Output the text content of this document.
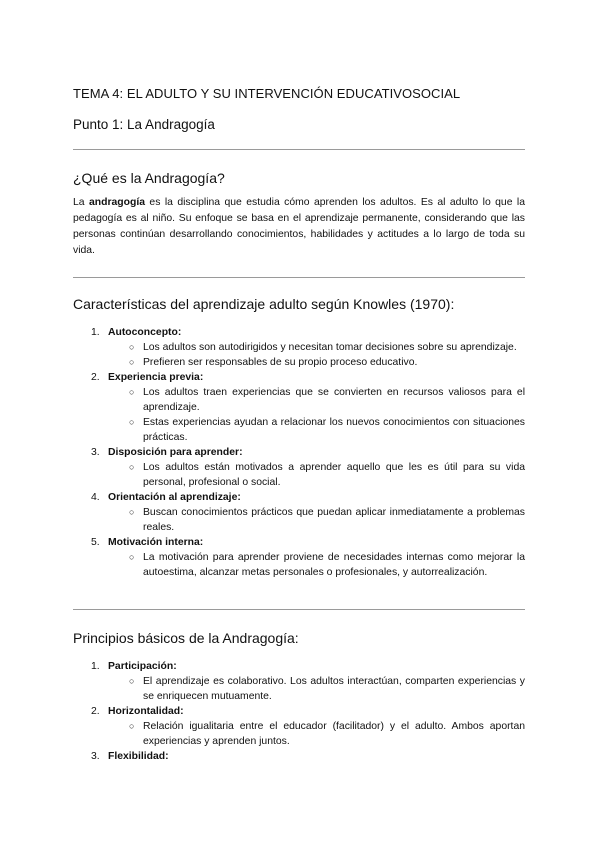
TEMA 4: EL ADULTO Y SU INTERVENCIÓN EDUCATIVOSOCIAL
Punto 1: La Andragogía
¿Qué es la Andragogía?
La andragogía es la disciplina que estudia cómo aprenden los adultos. Es al adulto lo que la pedagogía es al niño. Su enfoque se basa en el aprendizaje permanente, considerando que las personas continúan desarrollando conocimientos, habilidades y actitudes a lo largo de toda su vida.
Características del aprendizaje adulto según Knowles (1970):
1. Autoconcepto:
○ Los adultos son autodirigidos y necesitan tomar decisiones sobre su aprendizaje.
○ Prefieren ser responsables de su propio proceso educativo.
2. Experiencia previa:
○ Los adultos traen experiencias que se convierten en recursos valiosos para el aprendizaje.
○ Estas experiencias ayudan a relacionar los nuevos conocimientos con situaciones prácticas.
3. Disposición para aprender:
○ Los adultos están motivados a aprender aquello que les es útil para su vida personal, profesional o social.
4. Orientación al aprendizaje:
○ Buscan conocimientos prácticos que puedan aplicar inmediatamente a problemas reales.
5. Motivación interna:
○ La motivación para aprender proviene de necesidades internas como mejorar la autoestima, alcanzar metas personales o profesionales, y autorrealización.
Principios básicos de la Andragogía:
1. Participación:
○ El aprendizaje es colaborativo. Los adultos interactúan, comparten experiencias y se enriquecen mutuamente.
2. Horizontalidad:
○ Relación igualitaria entre el educador (facilitador) y el adulto. Ambos aportan experiencias y aprenden juntos.
3. Flexibilidad:
